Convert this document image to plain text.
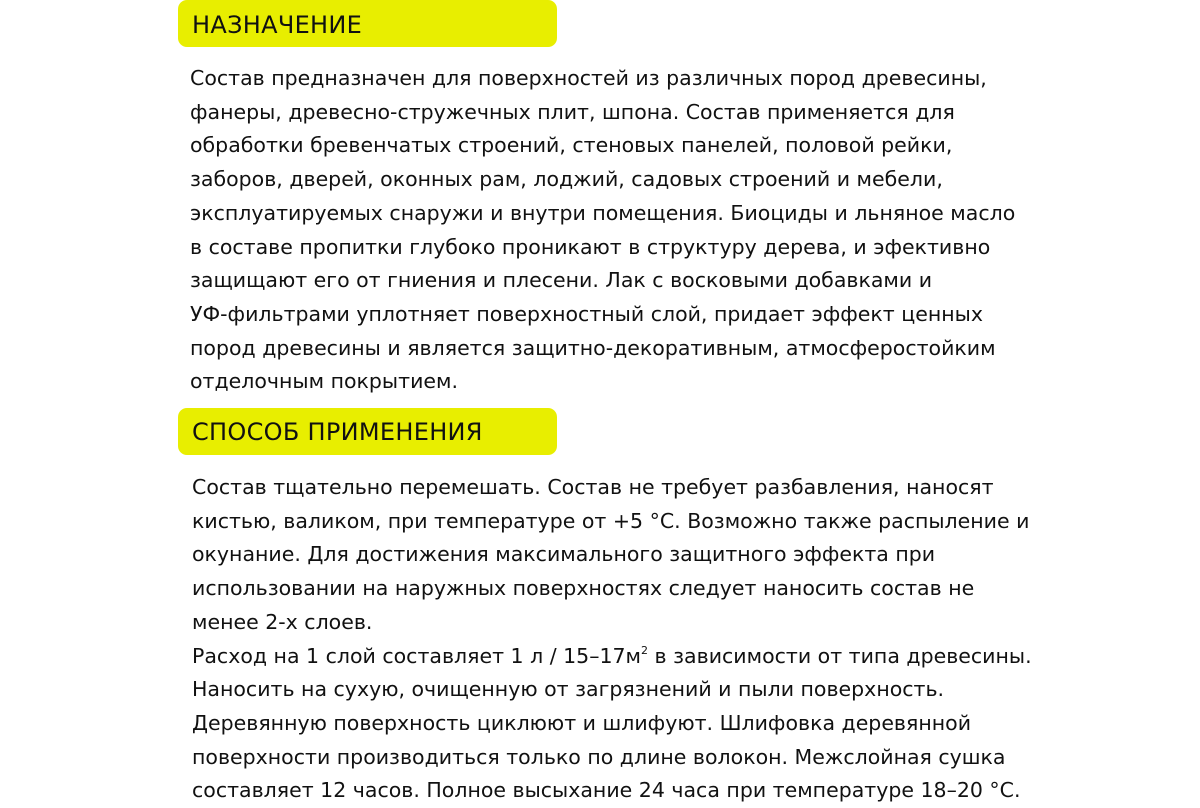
НАЗНАЧЕНИЕ
Состав предназначен для поверхностей из различных пород древесины,
фанеры, древесно-стружечных плит, шпона. Состав применяется для
обработки бревенчатых строений, стеновых панелей, половой рейки,
заборов, дверей, оконных рам, лоджий, садовых строений и мебели,
эксплуатируемых снаружи и внутри помещения. Биоциды и льняное масло
в составе пропитки глубоко проникают в структуру дерева, и эфективно
защищают его от гниения и плесени. Лак с восковыми добавками и
УФ-фильтрами уплотняет поверхностный слой, придает эффект ценных
пород древесины и является защитно-декоративным, атмосферостойким
отделочным покрытием.
СПОСОБ ПРИМЕНЕНИЯ
Состав тщательно перемешать. Состав не требует разбавления, наносят
кистью, валиком, при температуре от +5 °С. Возможно также распыление и
окунание. Для достижения максимального защитного эффекта при
использовании на наружных поверхностях следует наносить состав не
менее 2-х слоев.
Расход на 1 слой составляет 1 л / $15-17м^2$ в зависимости от типа древесины.
Наносить на сухую, очищенную от загрязнений и пыли поверхность.
Деревянную поверхность циклюют и шлифуют. Шлифовка деревянной
поверхности производиться только по длине волокон. Межслойная сушка
составляет 12 часов. Полное высыхание 24 часа при температуре 18–20 °С.
